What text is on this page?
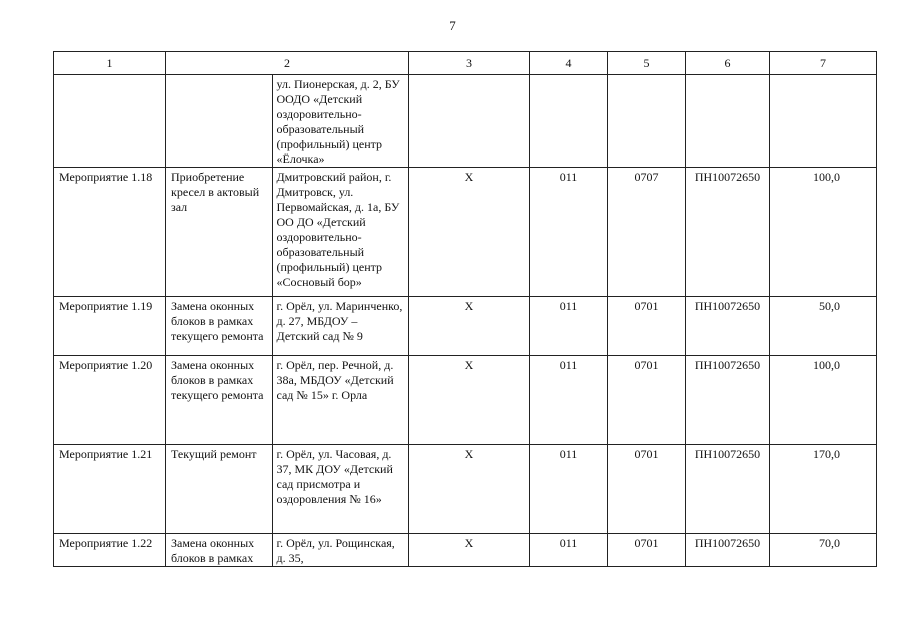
7
1	2		3	4	5	6	7
		ул. Пионерская, д. 2, БУ ООДО «Детский оздоровительно-образовательный (профильный) центр «Ёлочка»					
Мероприятие 1.18	Приобретение кресел в актовый зал	Дмитровский район, г. Дмитровск, ул. Первомайская, д. 1а, БУ ОО ДО «Детский оздоровительно-образовательный (профильный) центр «Сосновый бор»	Х	011	0707	ПН10072650	100,0
Мероприятие 1.19	Замена оконных блоков в рамках текущего ремонта	г. Орёл, ул. Маринченко, д. 27, МБДОУ – Детский сад № 9	Х	011	0701	ПН10072650	50,0
Мероприятие 1.20	Замена оконных блоков в рамках текущего ремонта	г. Орёл, пер. Речной, д. 38а, МБДОУ «Детский сад № 15» г. Орла	Х	011	0701	ПН10072650	100,0
Мероприятие 1.21	Текущий ремонт	г. Орёл, ул. Часовая, д. 37, МК ДОУ «Детский сад присмотра и оздоровления № 16»	Х	011	0701	ПН10072650	170,0
Мероприятие 1.22	Замена оконных блоков в рамках	г. Орёл, ул. Рощинская, д. 35,	Х	011	0701	ПН10072650	70,0
